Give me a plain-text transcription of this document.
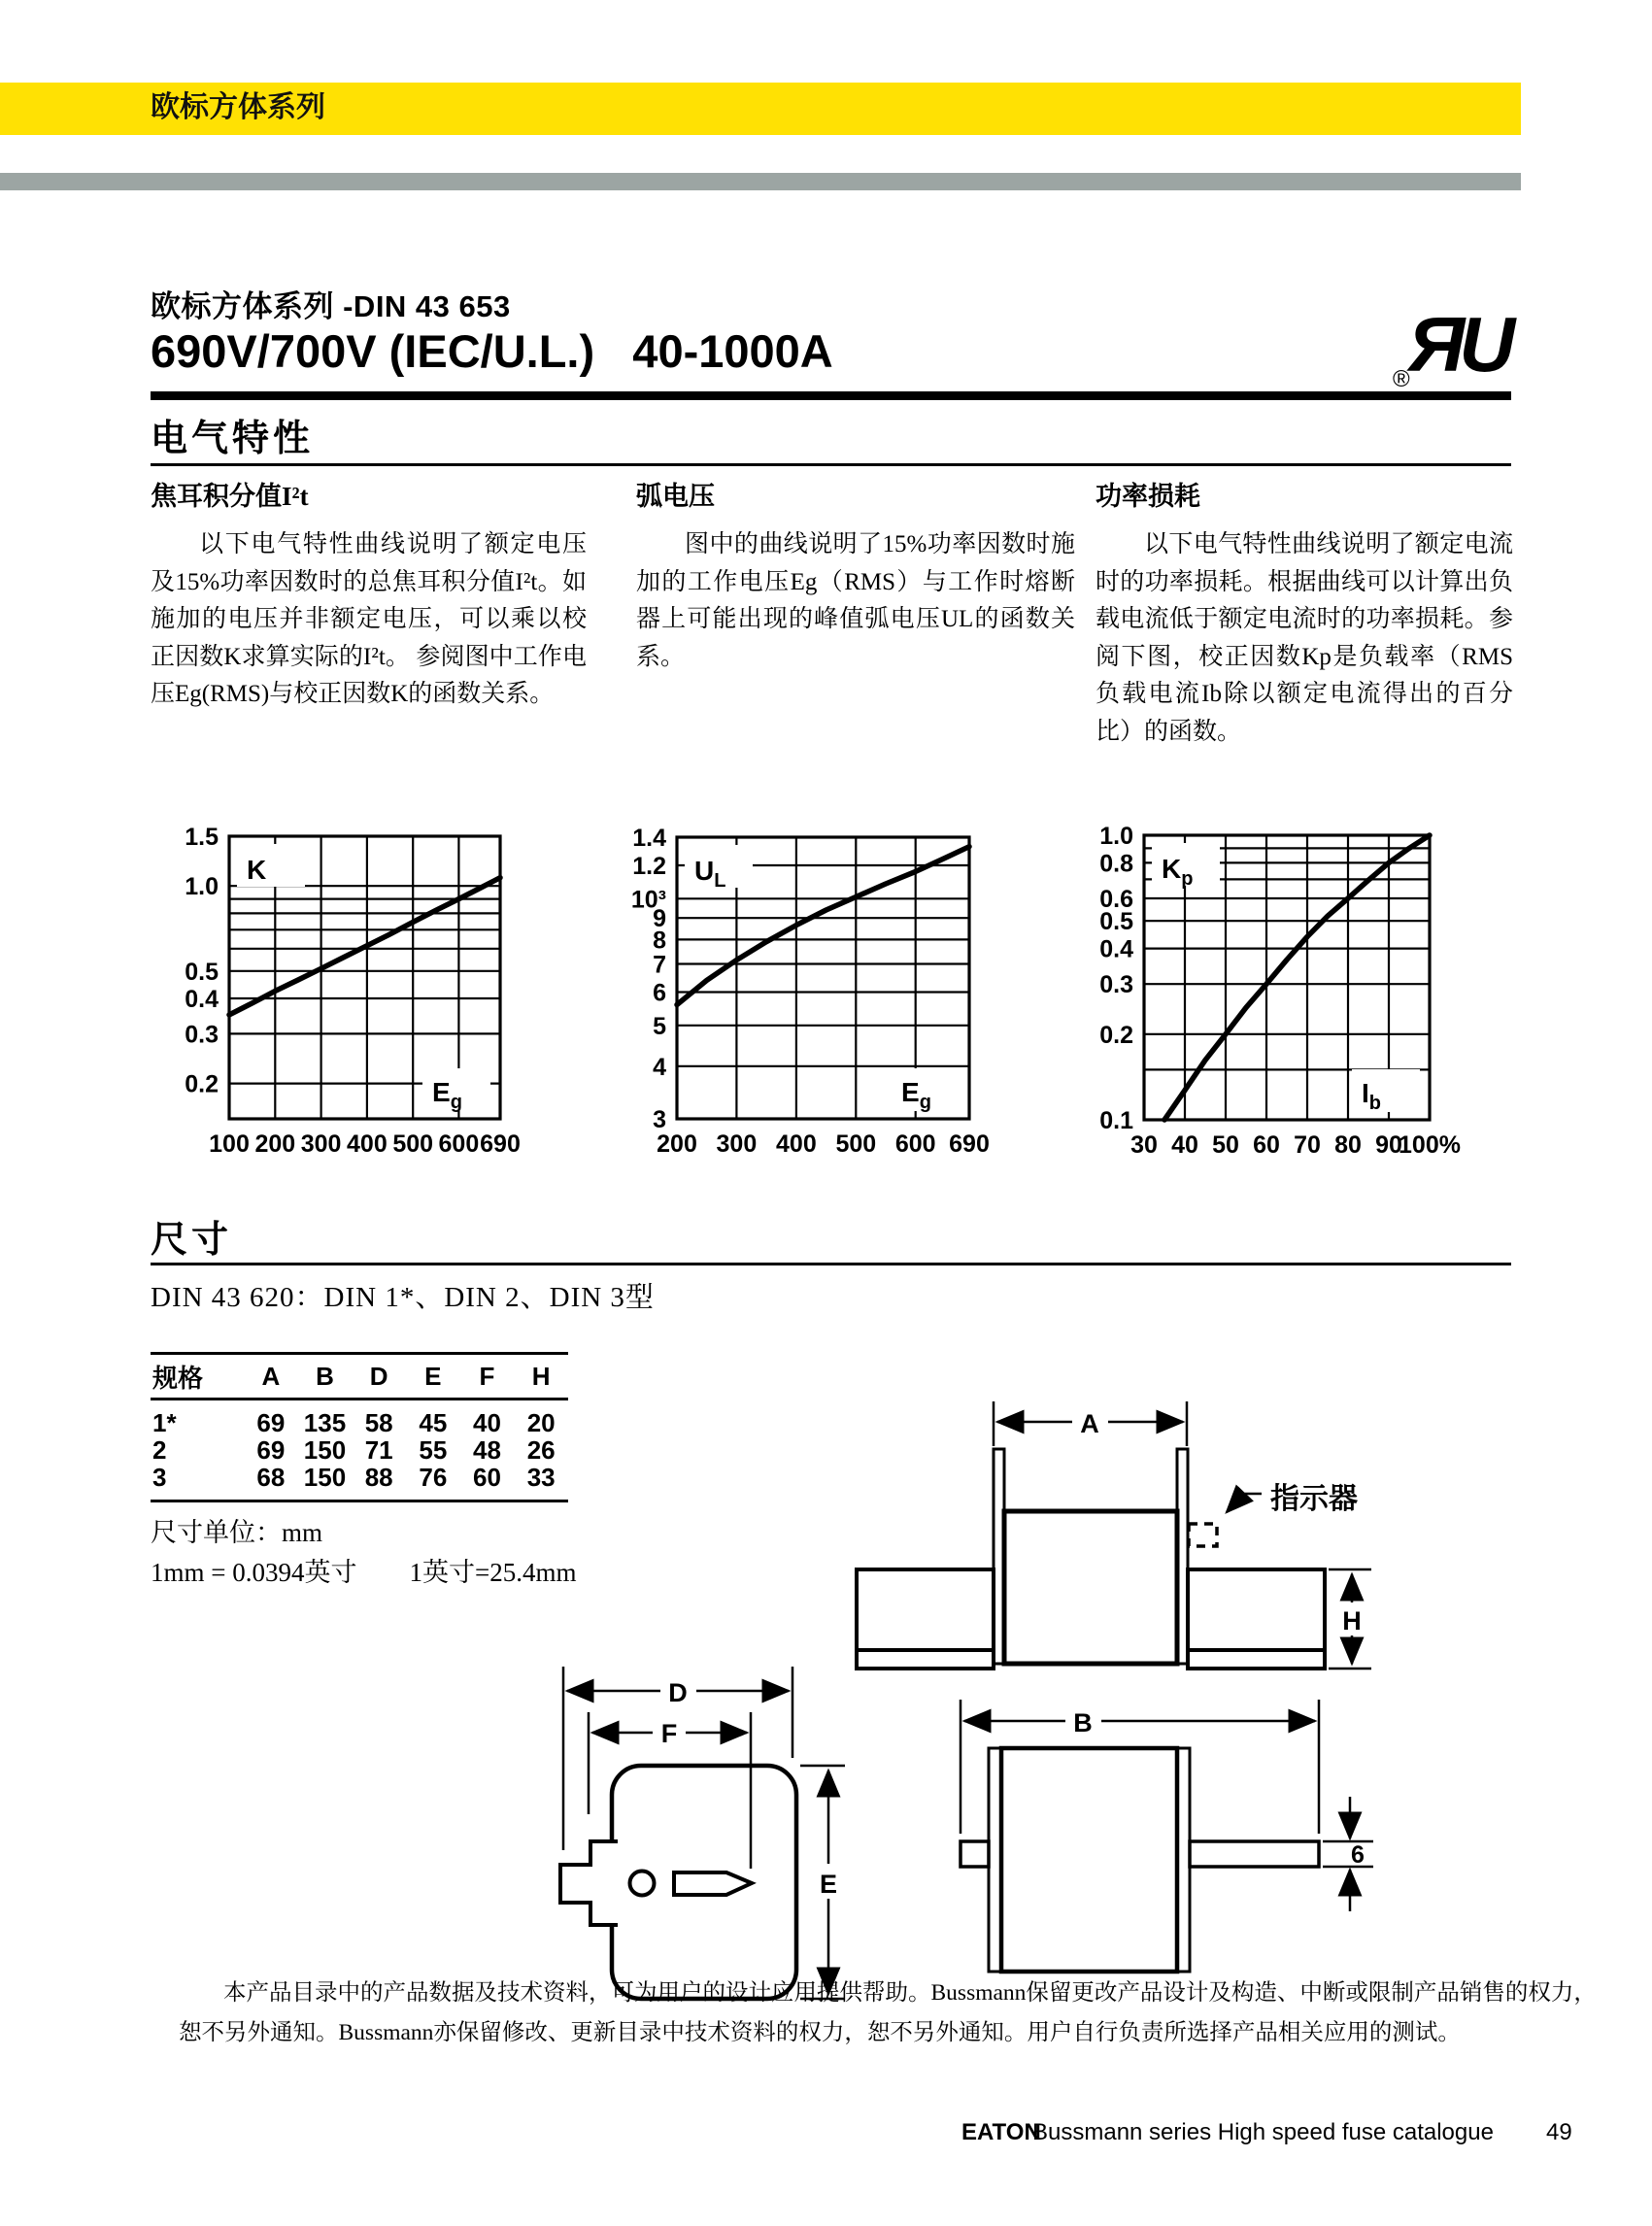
欧标方体系列
欧标方体系列 -DIN 43 653
690V/700V (IEC/U.L.)   40-1000A	ЯU
®
电气特性
焦耳积分值I²t

以下电气特性曲线说明了额定电压及15%功率因数时的总焦耳积分值I²t。如施加的电压并非额定电压，可以乘以校正因数K求算实际的I²t。 参阅图中工作电压Eg(RMS)与校正因数K的函数关系。

弧电压

图中的曲线说明了15%功率因数时施加的工作电压Eg（RMS）与工作时熔断器上可能出现的峰值弧电压UL的函数关系。

功率损耗

以下电气特性曲线说明了额定电流时的功率损耗。根据曲线可以计算出负载电流低于额定电流时的功率损耗。参阅下图，校正因数Kp是负载率（RMS负载电流Ib除以额定电流得出的百分比）的函数。

K
$E_g$
1.5
1.0
0.5
0.4
0.3
0.2
100 200 300 400 500 600 690
$U_L$
$E_g$
1.4
1.2
10³
9
8
7
6
5
4
3
200 300 400 500 600 690
$K_p$
$I_b$
1.0
0.8
0.6
0.5
0.4
0.3
0.2
0.1
30 40 50 60 70 80 90
100%
尺寸
DIN 43 620：DIN 1*、DIN 2、DIN 3型
规格	A	B	D	E	F	H
1*	69 135 58	45	40	20
2	69 150 71	55	48	26
3	68 150 88	76	60	33
尺寸单位：mm
1mm = 0.0394英寸　　1英寸=25.4mm
A
H
指示器
D
F
E
B
6
本产品目录中的产品数据及技术资料，可为用户的设计应用提供帮助。Bussmann保留更改产品设计及构造、中断或限制产品销售的权力，
恕不另外通知。Bussmann亦保留修改、更新目录中技术资料的权力，恕不另外通知。用户自行负责所选择产品相关应用的测试。
EATON
Bussmann series High speed fuse catalogue 49
